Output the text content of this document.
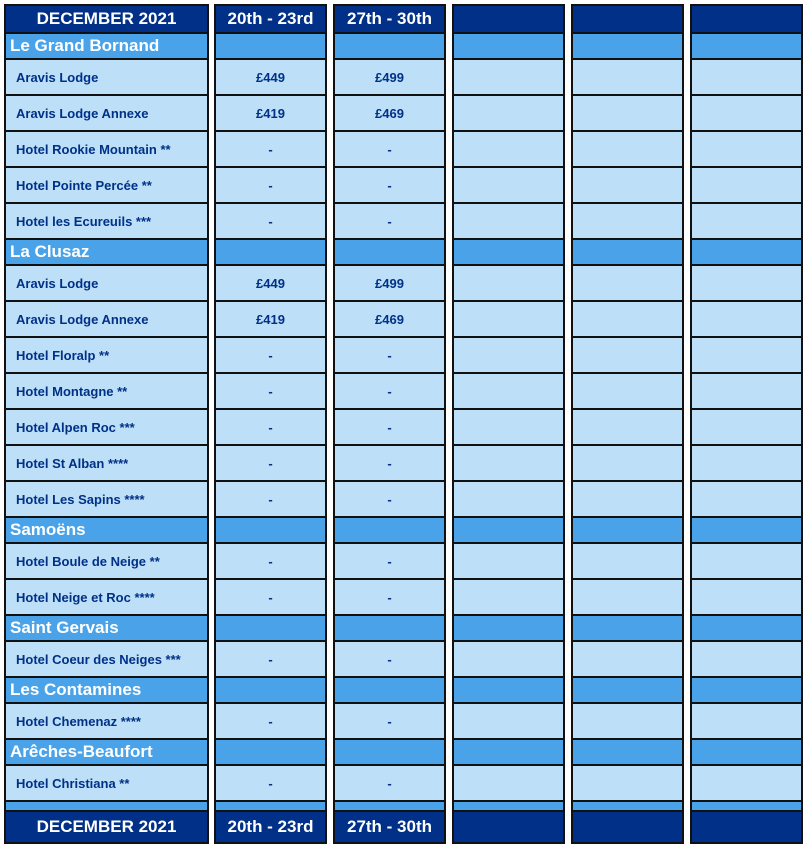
DECEMBER 2021
Le Grand Bornand
Aravis Lodge
Aravis Lodge Annexe
Hotel Rookie Mountain **
Hotel Pointe Percée **
Hotel les Ecureuils ***
La Clusaz
Aravis Lodge
Aravis Lodge Annexe
Hotel Floralp **
Hotel Montagne **
Hotel Alpen Roc ***
Hotel St Alban ****
Hotel Les Sapins ****
Samoëns
Hotel Boule de Neige **
Hotel Neige et Roc ****
Saint Gervais
Hotel Coeur des Neiges ***
Les Contamines
Hotel Chemenaz ****
Arêches-Beaufort
Hotel Christiana **
DECEMBER 2021
20th - 23rd
£449
£419
-
-
-
£449
£419
-
-
-
-
-
-
-
-
-
-
20th - 23rd
27th - 30th
£499
£469
-
-
-
£499
£469
-
-
-
-
-
-
-
-
-
-
27th - 30th
